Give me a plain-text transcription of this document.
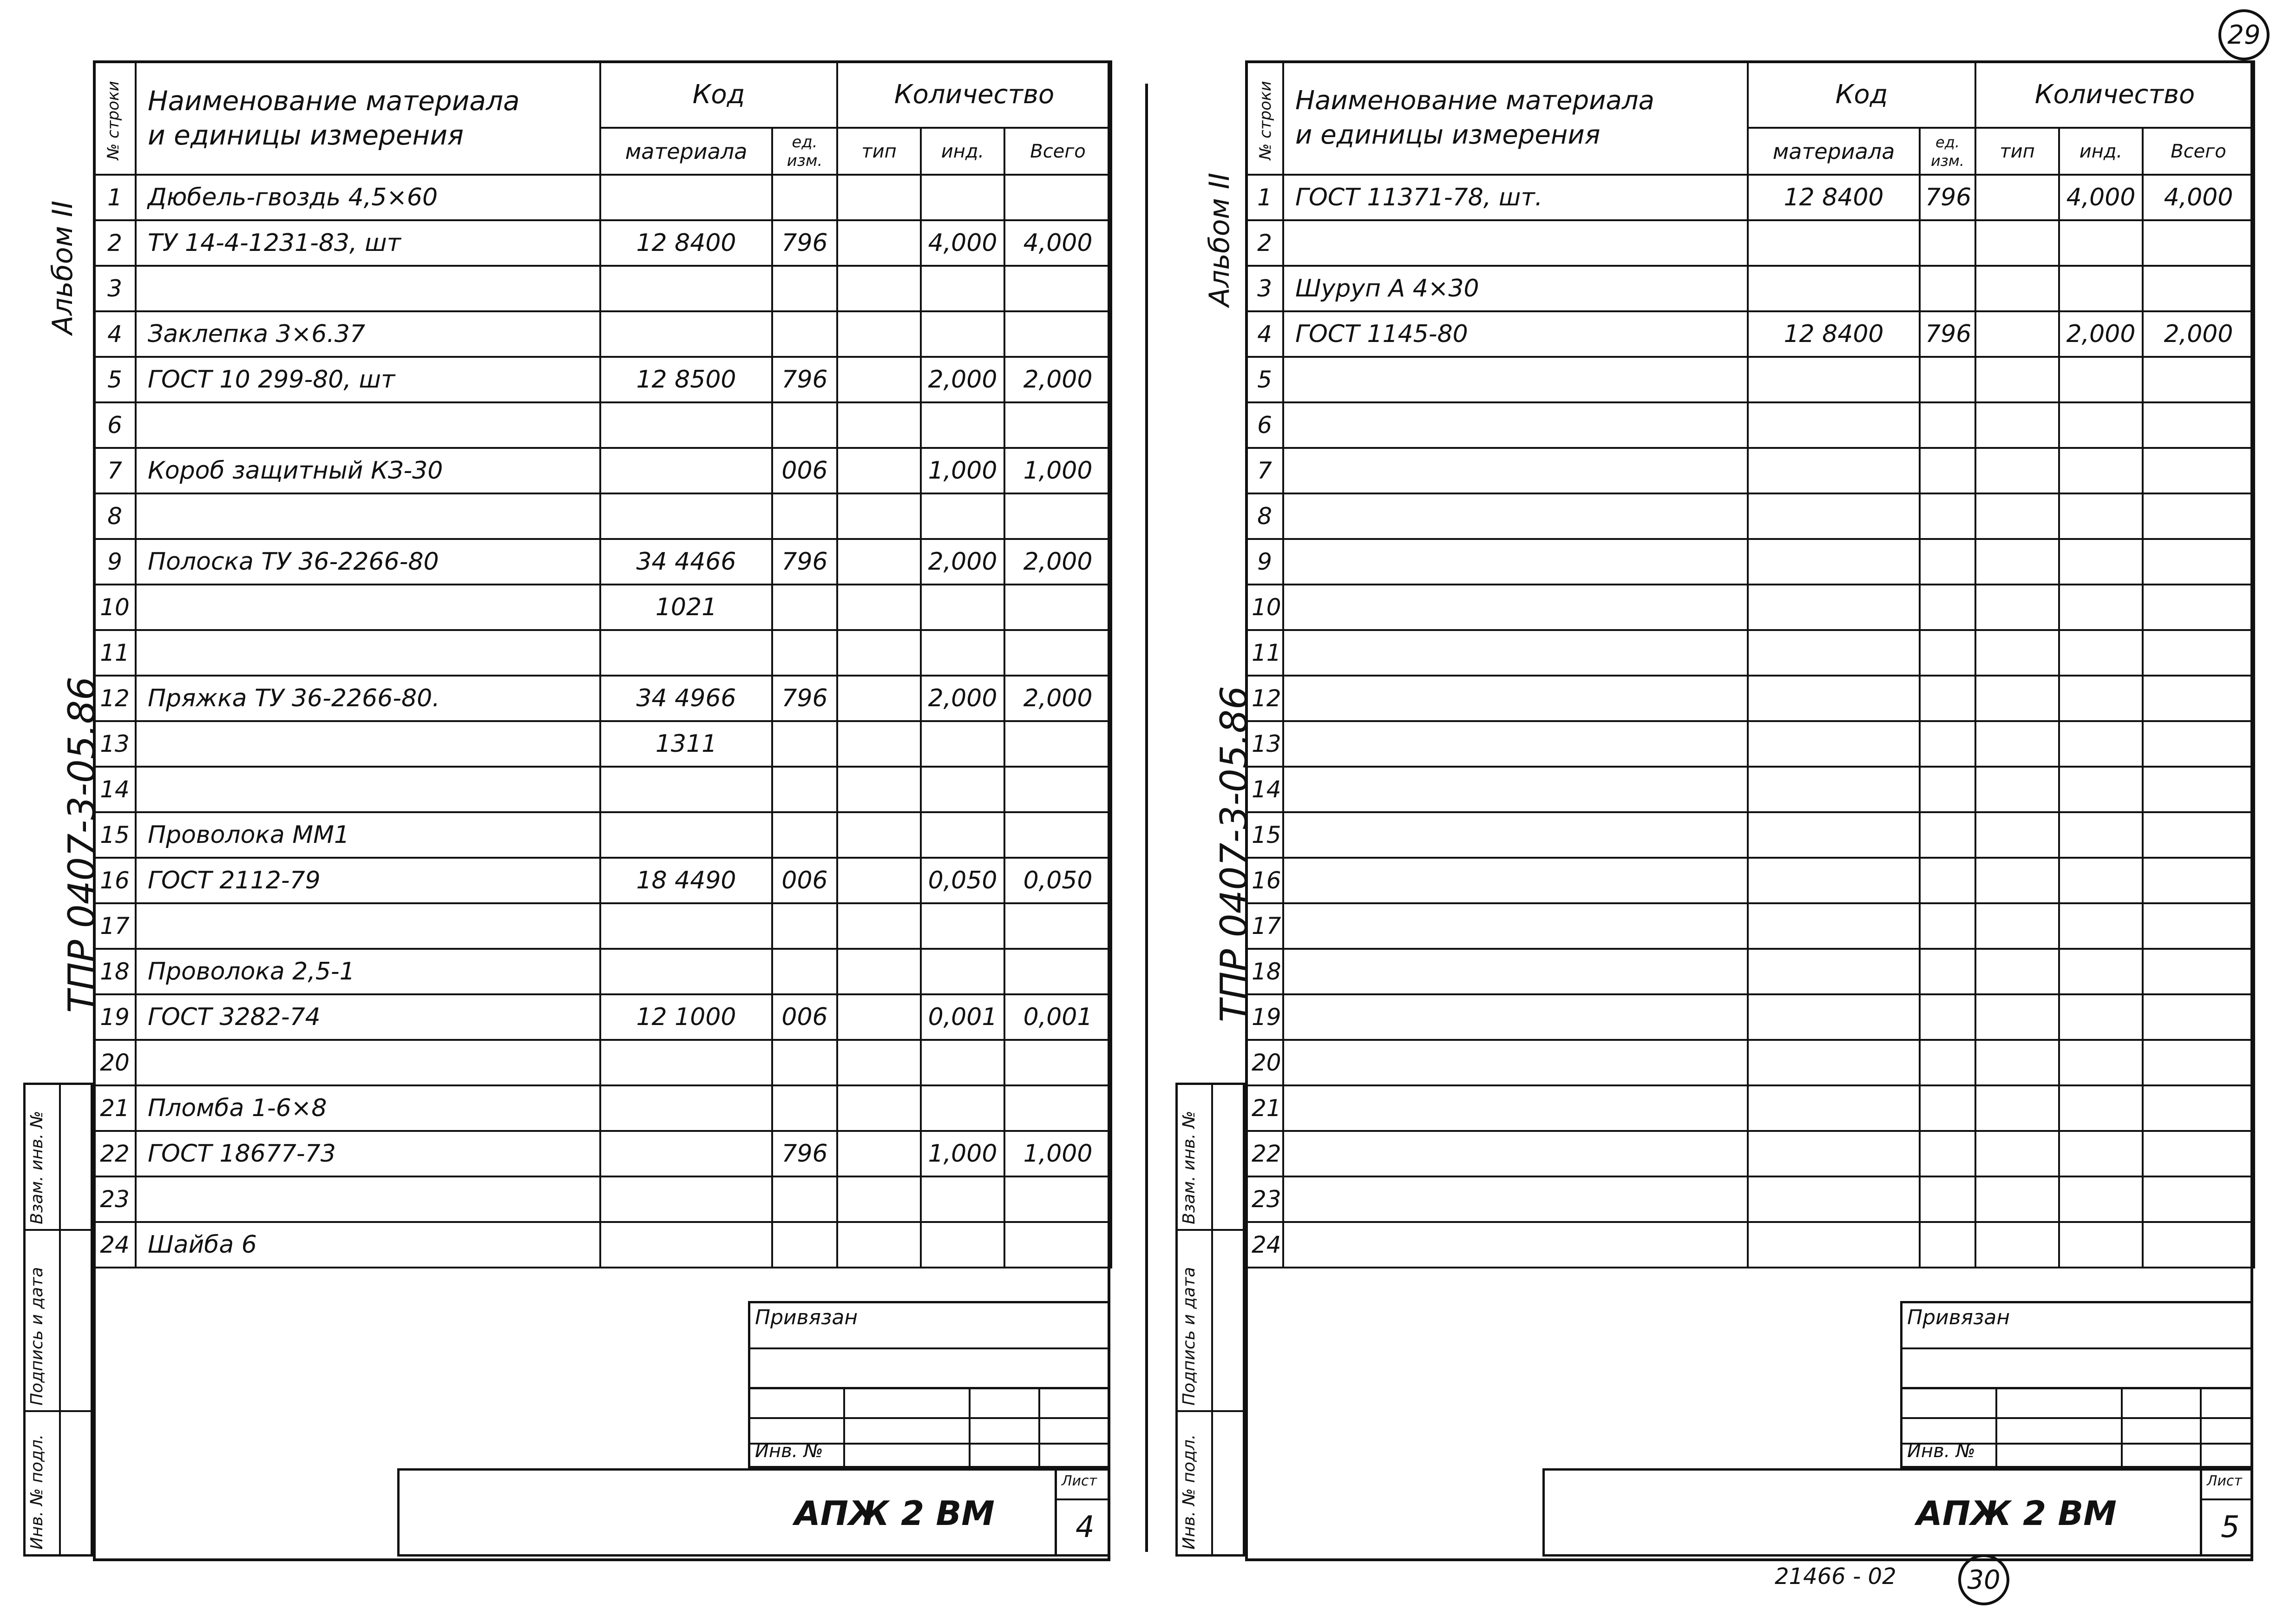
29
Альбом II
ТПР 0407-3-05.86
Инв. № подл.
Подпись и дата
Взам. инв. №
№ строки	Наименование материала
и единицы измерения	Код		Количество		
		материала	ед. изм.	тип	инд.	Всего
1	Дюбель-гвоздь 4,5×60					
2	ТУ 14-4-1231-83, шт	12 8400	796		4,000	4,000
3						
4	Заклепка 3×6.37					
5	ГОСТ 10 299-80, шт	12 8500	796		2,000	2,000
6						
7	Короб защитный КЗ-30		006		1,000	1,000
8						
9	Полоска ТУ 36-2266-80	34 4466	796		2,000	2,000
10		1021				
11						
12	Пряжка ТУ 36-2266-80.	34 4966	796		2,000	2,000
13		1311				
14						
15	Проволока ММ1					
16	ГОСТ 2112-79	18 4490	006		0,050	0,050
17						
18	Проволока 2,5-1					
19	ГОСТ 3282-74	12 1000	006		0,001	0,001
20						
21	Пломба 1-6×8					
22	ГОСТ 18677-73		796		1,000	1,000
23						
24	Шайба 6					
Привязан
Инв. №
АПЖ 2 ВМ
Лист
4
Альбом II
ТПР 0407-3-05.86
Инв. № подл.
Подпись и дата
Взам. инв. №
№ строки	Наименование материала
и единицы измерения	Код		Количество		
		материала	ед. изм.	тип	инд.	Всего
1	ГОСТ 11371-78, шт.	12 8400	796		4,000	4,000
2						
3	Шуруп А 4×30					
4	ГОСТ 1145-80	12 8400	796		2,000	2,000
5						
6						
7						
8						
9						
10						
11						
12						
13						
14						
15						
16						
17						
18						
19						
20						
21						
22						
23						
24						
Привязан
Инв. №
АПЖ 2 ВМ
Лист
5
21466 - 02	30
